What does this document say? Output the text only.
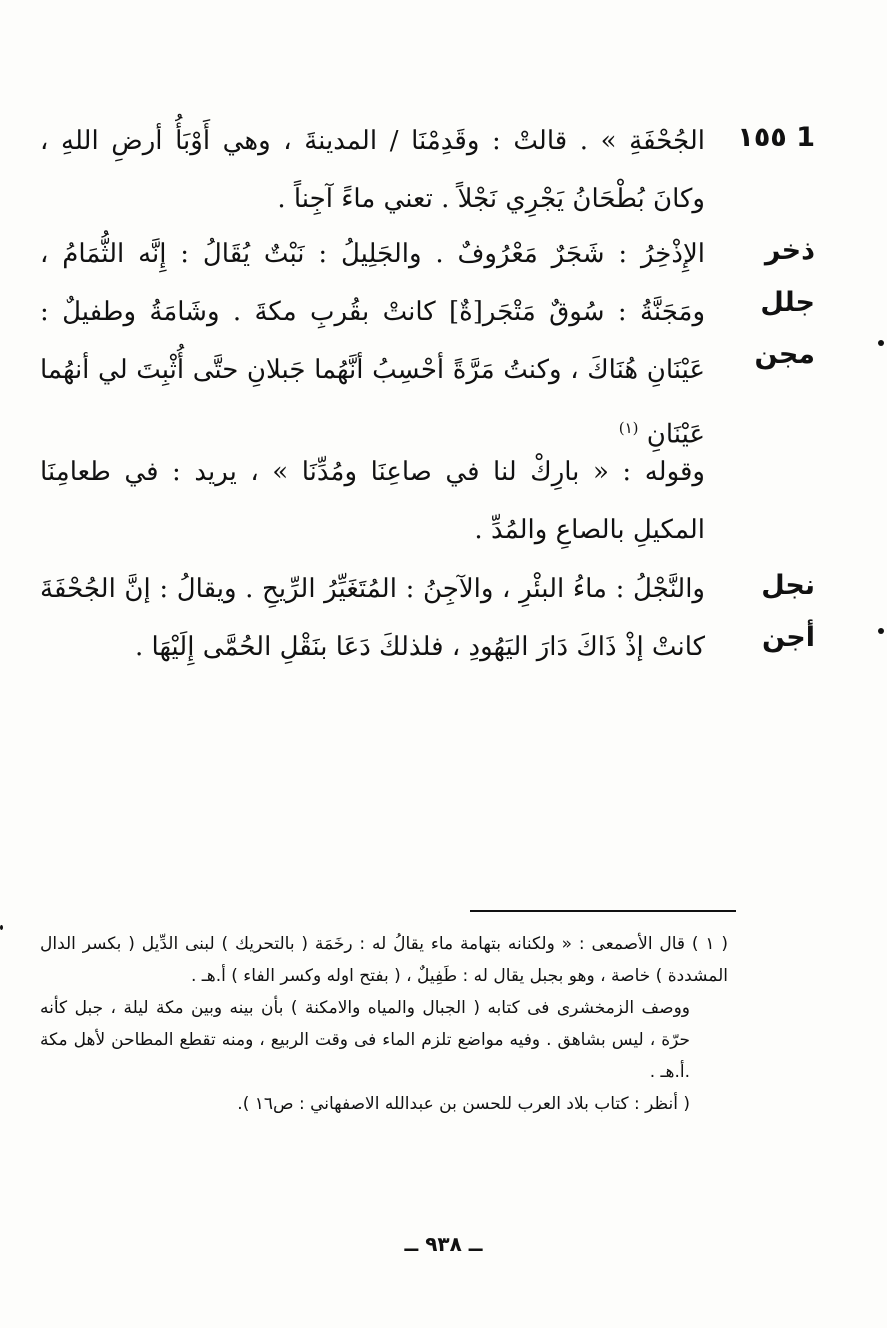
1 ١٥٥

الجُحْفَةِ » . قالتْ : وقَدِمْنَا / المدينةَ ، وهي أَوْبَأُ أرضِ اللهِ ، وكانَ بُطْحَانُ يَجْرِي نَجْلاً . تعني ماءً آجِناً .

ذخر
جلل
مجن

الإِذْخِرُ : شَجَرٌ مَعْرُوفٌ . والجَلِيلُ : نَبْتٌ يُقَالُ : إِنَّه الثُّمَامُ ، ومَجَنَّةُ : سُوقٌ مَتْجَر[ةٌ] كانتْ بقُربِ مكةَ . وشَامَةُ وطفيلٌ : عَيْنَانِ هُنَاكَ ، وكنتُ مَرَّةً أحْسِبُ أنَّهُما جَبلانِ حتَّى أُثْبِتَ لي أنهُما عَيْنَانِ $^{(١)}$

وقوله : « بارِكْ لنا في صاعِنَا ومُدِّنَا » ، يريد : في طعامِنَا المكيلِ بالصاعِ والمُدِّ .

نجل
أجن

والنَّجْلُ : ماءُ البئْرِ ، والآجِنُ : المُتَغَيِّرُ الرِّيحِ . ويقالُ : إنَّ الجُحْفَةَ كانتْ إذْ ذَاكَ دَارَ اليَهُودِ ، فلذلكَ دَعَا بنَقْلِ الحُمَّى إِلَيْهَا .

( ١ ) قال الأصمعى : « ولكنانه بتهامة ماء يقالُ له : رخَمَة ( بالتحريك ) لبنى الدِّيل ( بكسر الدال المشددة ) خاصة ، وهو بجبل يقال له : طَفِيلٌ ، ( بفتح اوله وكسر الفاء ) أ.هـ .

ووصف الزمخشرى فى كتابه ( الجبال والمياه والامكنة ) بأن بينه وبين مكة ليلة ، جبل كأنه حرّة ، ليس بشاهق . وفيه مواضع تلزم الماء فى وقت الربيع ، ومنه تقطع المطاحن لأهل مكة .أ.هـ .

( أنظر : كتاب بلاد العرب للحسن بن عبدالله الاصفهاني : ص١٦ ).

ــ ٩٣٨ ــ
